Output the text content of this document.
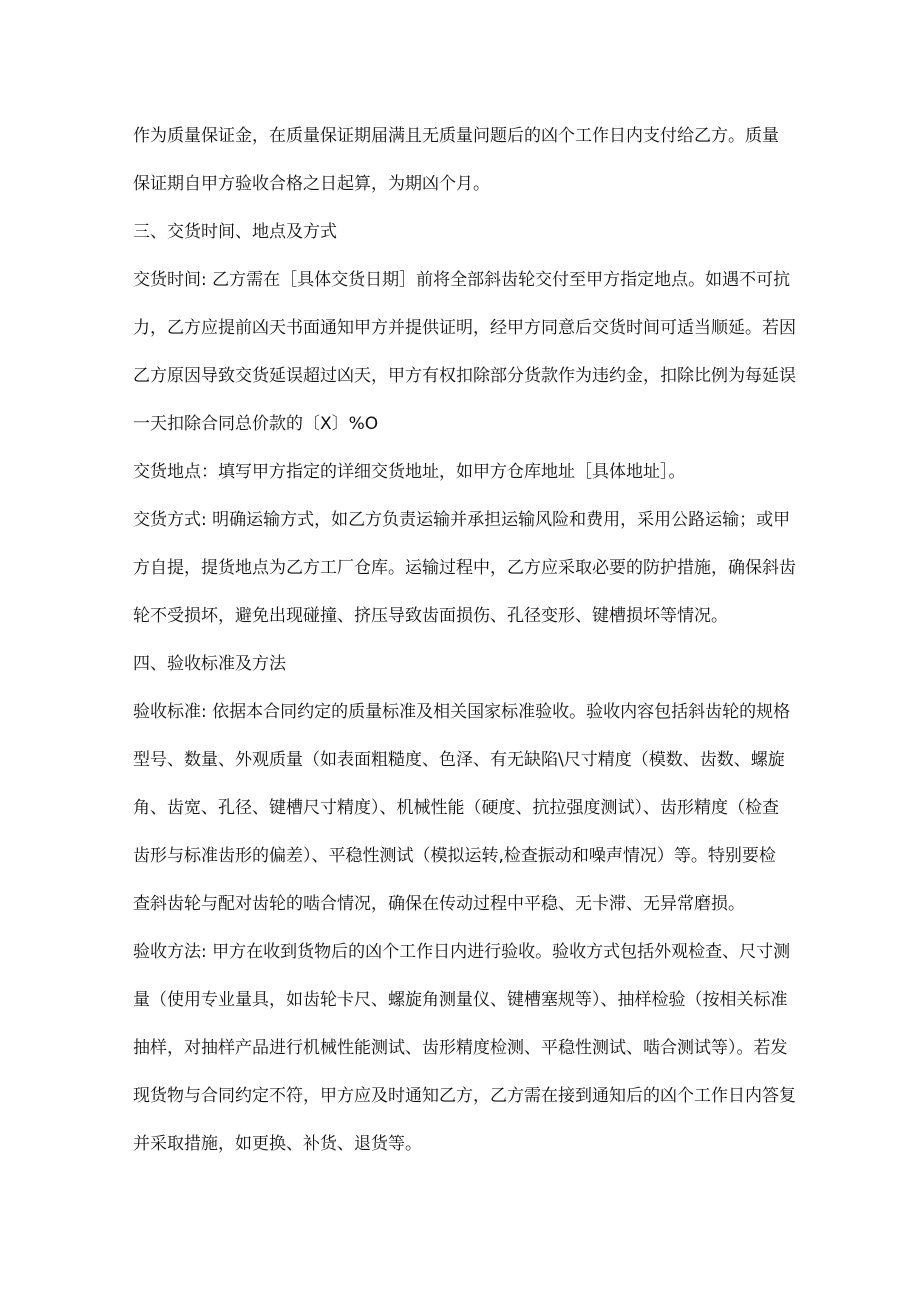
作为质量保证金，在质量保证期届满且无质量问题后的凶个工作日内支付给乙方。质量
保证期自甲方验收合格之日起算，为期凶个月。
三、交货时间、地点及方式
交货时间: 乙方需在［具体交货日期］前将全部斜齿轮交付至甲方指定地点。如遇不可抗
力，乙方应提前凶天书面通知甲方并提供证明，经甲方同意后交货时间可适当顺延。若因
乙方原因导致交货延误超过凶天，甲方有权扣除部分货款作为违约金，扣除比例为每延误
一天扣除合同总价款的〔X〕%O
交货地点：填写甲方指定的详细交货地址，如甲方仓库地址［具体地址］。
交货方式: 明确运输方式，如乙方负责运输并承担运输风险和费用，采用公路运输；或甲
方自提，提货地点为乙方工厂仓库。运输过程中，乙方应采取必要的防护措施，确保斜齿
轮不受损坏，避免出现碰撞、挤压导致齿面损伤、孔径变形、键槽损坏等情况。
四、验收标准及方法
验收标准: 依据本合同约定的质量标准及相关国家标准验收。验收内容包括斜齿轮的规格
型号、数量、外观质量（如表面粗糙度、色泽、有无缺陷\尺寸精度（模数、齿数、螺旋
角、齿宽、孔径、键槽尺寸精度）、机械性能（硬度、抗拉强度测试）、齿形精度（检查
齿形与标准齿形的偏差）、平稳性测试（模拟运转,检查振动和噪声情况）等。特别要检
查斜齿轮与配对齿轮的啮合情况，确保在传动过程中平稳、无卡滞、无异常磨损。
验收方法: 甲方在收到货物后的凶个工作日内进行验收。验收方式包括外观检查、尺寸测
量（使用专业量具，如齿轮卡尺、螺旋角测量仪、键槽塞规等）、抽样检验（按相关标准
抽样，对抽样产品进行机械性能测试、齿形精度检测、平稳性测试、啮合测试等）。若发
现货物与合同约定不符，甲方应及时通知乙方，乙方需在接到通知后的凶个工作日内答复
并采取措施，如更换、补货、退货等。
